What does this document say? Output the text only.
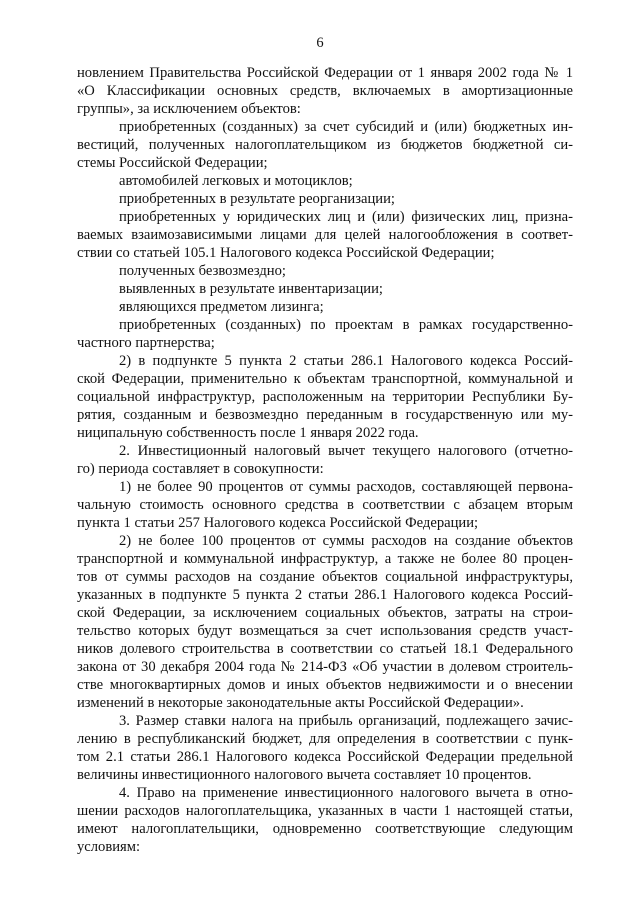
6
новлением Правительства Российской Федерации от 1 января 2002 года № 1
«О Классификации основных средств, включаемых в амортизационные
группы», за исключением объектов:
приобретенных (созданных) за счет субсидий и (или) бюджетных ин-
вестиций, полученных налогоплательщиком из бюджетов бюджетной си-
стемы Российской Федерации;
автомобилей легковых и мотоциклов;
приобретенных в результате реорганизации;
приобретенных у юридических лиц и (или) физических лиц, призна-
ваемых взаимозависимыми лицами для целей налогообложения в соответ-
ствии со статьей 105.1 Налогового кодекса Российской Федерации;
полученных безвозмездно;
выявленных в результате инвентаризации;
являющихся предметом лизинга;
приобретенных (созданных) по проектам в рамках государственно-
частного партнерства;
2) в подпункте 5 пункта 2 статьи 286.1 Налогового кодекса Россий-
ской Федерации, применительно к объектам транспортной, коммунальной и
социальной инфраструктур, расположенным на территории Республики Бу-
рятия, созданным и безвозмездно переданным в государственную или му-
ниципальную собственность после 1 января 2022 года.
2. Инвестиционный налоговый вычет текущего налогового (отчетно-
го) периода составляет в совокупности:
1) не более 90 процентов от суммы расходов, составляющей первона-
чальную стоимость основного средства в соответствии с абзацем вторым
пункта 1 статьи 257 Налогового кодекса Российской Федерации;
2) не более 100 процентов от суммы расходов на создание объектов
транспортной и коммунальной инфраструктур, а также не более 80 процен-
тов от суммы расходов на создание объектов социальной инфраструктуры,
указанных в подпункте 5 пункта 2 статьи 286.1 Налогового кодекса Россий-
ской Федерации, за исключением социальных объектов, затраты на строи-
тельство которых будут возмещаться за счет использования средств участ-
ников долевого строительства в соответствии со статьей 18.1 Федерального
закона от 30 декабря 2004 года № 214-ФЗ «Об участии в долевом строитель-
стве многоквартирных домов и иных объектов недвижимости и о внесении
изменений в некоторые законодательные акты Российской Федерации».
3. Размер ставки налога на прибыль организаций, подлежащего зачис-
лению в республиканский бюджет, для определения в соответствии с пунк-
том 2.1 статьи 286.1 Налогового кодекса Российской Федерации предельной
величины инвестиционного налогового вычета составляет 10 процентов.
4. Право на применение инвестиционного налогового вычета в отно-
шении расходов налогоплательщика, указанных в части 1 настоящей статьи,
имеют налогоплательщики, одновременно соответствующие следующим
условиям:
